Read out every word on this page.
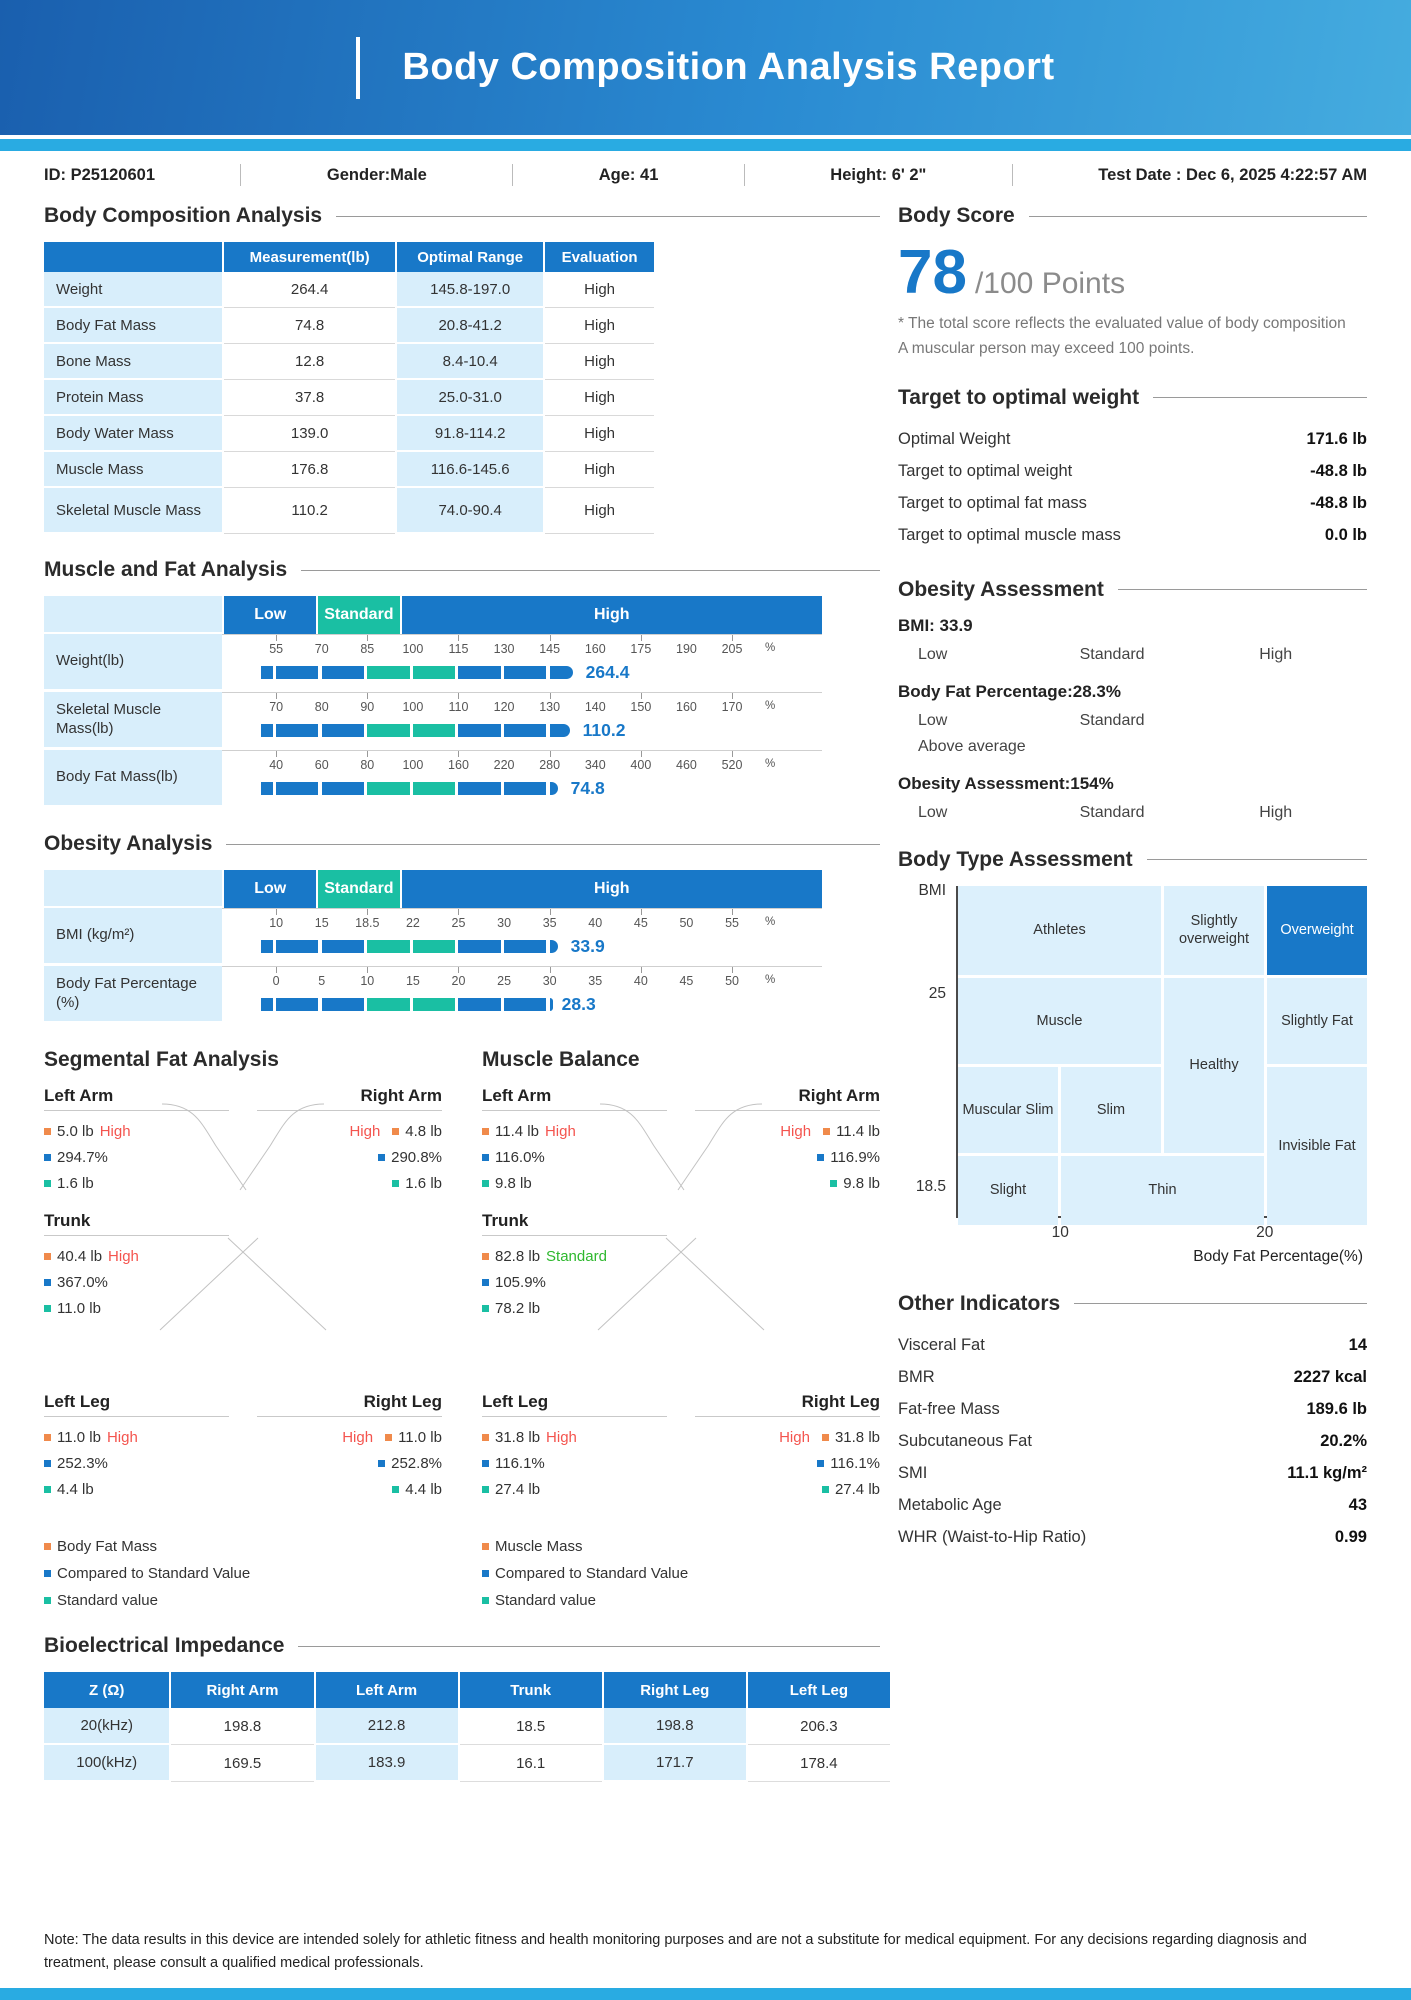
Body Composition Analysis Report
ID: P25120601	Gender:Male	Age: 41	Height: 6' 2"	Test Date : Dec 6, 2025 4:22:57 AM
Body Composition Analysis
Measurement(lb)	Optimal Range	Evaluation
Weight	264.4	145.8-197.0	High
Body Fat Mass	74.8	20.8-41.2	High
Bone Mass	12.8	8.4-10.4	High
Protein Mass	37.8	25.0-31.0	High
Body Water Mass	139.0	91.8-114.2	High
Muscle Mass	176.8	116.6-145.6	High
Skeletal Muscle Mass	110.2	74.0-90.4	High
Muscle and Fat Analysis
Low	Standard	High
Weight(lb)
55	70	85 100 115 130 145 160 175 190 205 %
264.4
Skeletal Muscle Mass(lb)
70	80	90 100 110 120 130 140 150 160 170 %
110.2
Body Fat Mass(lb)
40	60	80 100 160 220 280 340 400 460 520 %
74.8
Obesity Analysis
Low	Standard	High
BMI (kg/m²)
10	15 18.5 22	25	30	35	40	45	50	55 %
33.9
Body Fat Percentage (%)
0	5	10	15	20	25	30	35	40	45	50 %
28.3
Segmental Fat Analysis
Left Arm
5.0 lb High
294.7%
1.6 lb
Right Arm
High 4.8 lb
290.8%
1.6 lb
Trunk
40.4 lb High
367.0%
11.0 lb
Left Leg
11.0 lb High
252.3%
4.4 lb
Right Leg
High 11.0 lb
252.8%
4.4 lb
Body Fat Mass
Compared to Standard Value
Standard value
Muscle Balance
Left Arm
11.4 lb High
116.0%
9.8 lb
Right Arm
High 11.4 lb
116.9%
9.8 lb
Trunk
82.8 lb Standard
105.9%
78.2 lb
Left Leg
31.8 lb High
116.1%
27.4 lb
Right Leg
High 31.8 lb
116.1%
27.4 lb
Muscle Mass
Compared to Standard Value
Standard value
Bioelectrical Impedance
Z (Ω)	Right Arm	Left Arm	Trunk	Right Leg	Left Leg
20(kHz)	198.8	212.8	18.5	198.8	206.3
100(kHz)	169.5	183.9	16.1	171.7	178.4
Body Score
78 /100 Points
* The total score reflects the evaluated value of body composition
A muscular person may exceed 100 points.
Target to optimal weight
Optimal Weight	171.6 lb
Target to optimal weight	-48.8 lb
Target to optimal fat mass	-48.8 lb
Target to optimal muscle mass	0.0 lb
Obesity Assessment
BMI: 33.9
Low	Standard	High
Body Fat Percentage:28.3%
Low	Standard
Above average
Obesity Assessment:154%
Low	Standard	High
Body Type Assessment
BMI
25
18.5
Athletes
Slightly overweight
Overweight
Muscle
Healthy
Slightly Fat
Muscular Slim	Slim
Invisible Fat
Slight	Thin
10	20
Body Fat Percentage(%)
Other Indicators
Visceral Fat	14
BMR	2227 kcal
Fat-free Mass	189.6 lb
Subcutaneous Fat	20.2%
SMI	11.1 kg/m²
Metabolic Age	43
WHR (Waist-to-Hip Ratio)	0.99
Note: The data results in this device are intended solely for athletic fitness and health monitoring purposes and are not a substitute for medical equipment. For any decisions regarding diagnosis and treatment, please consult a qualified medical professionals.
